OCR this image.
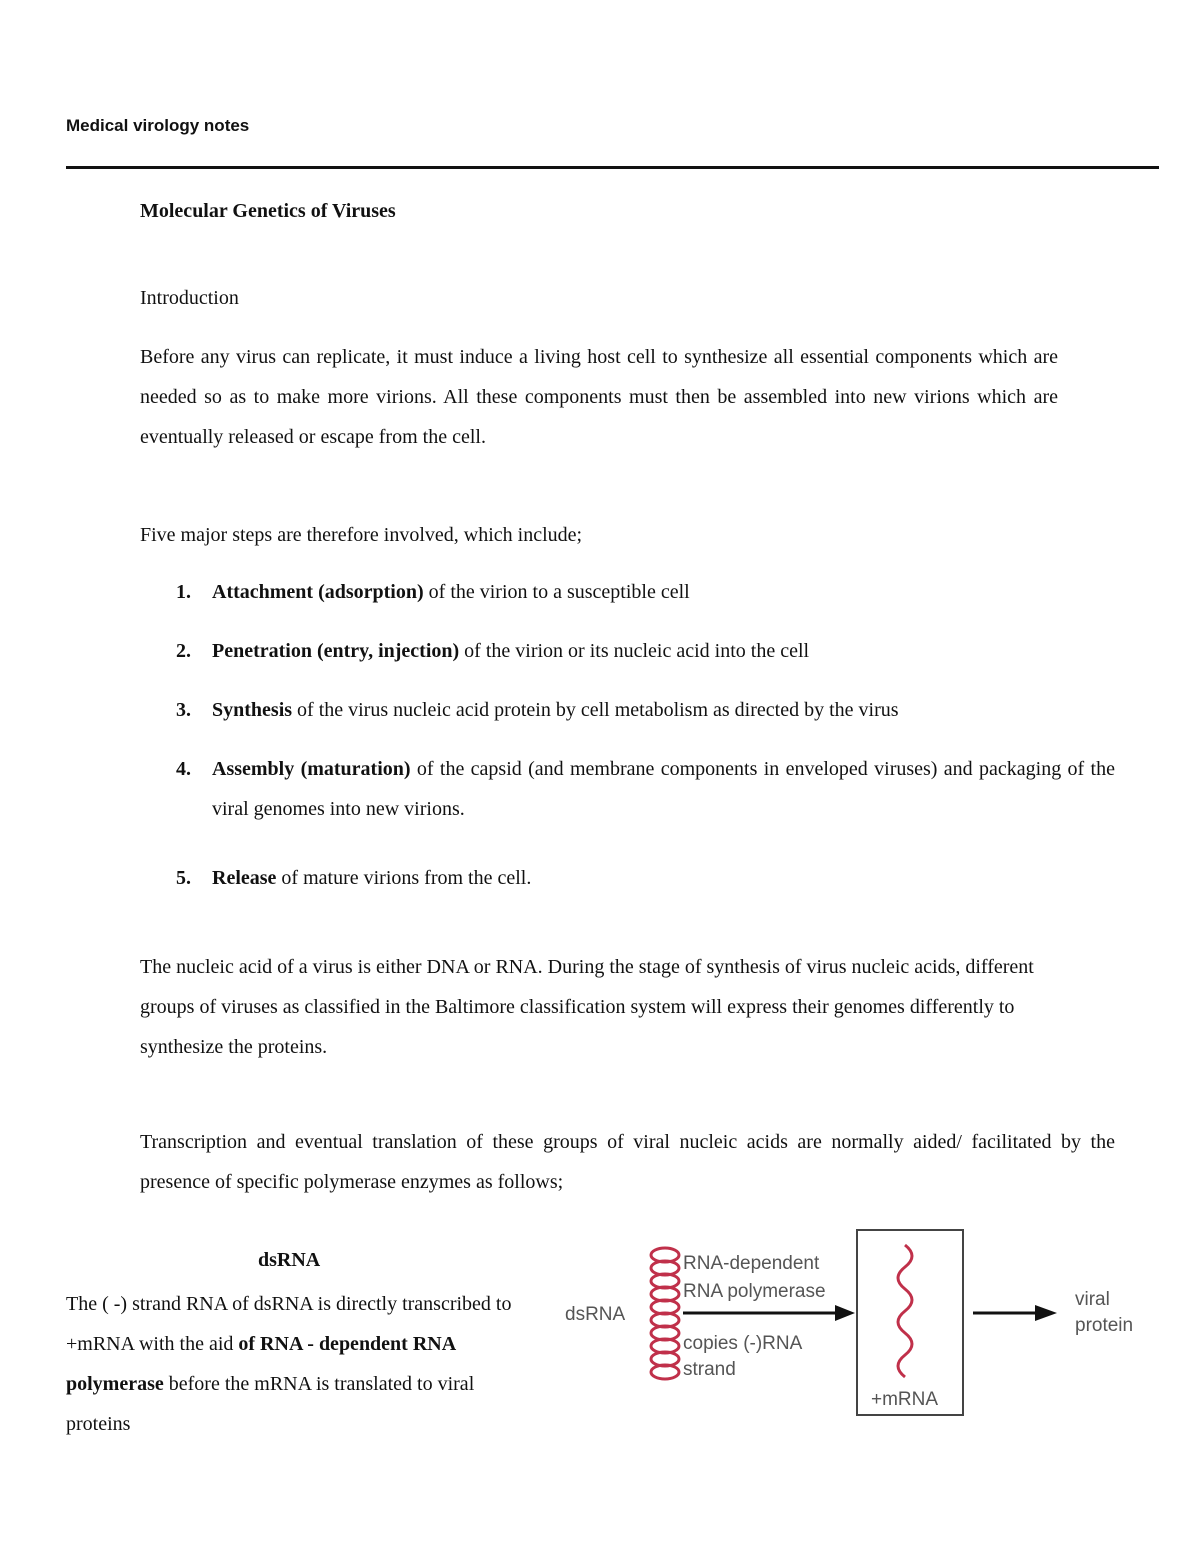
Medical virology notes
Molecular Genetics of Viruses
Introduction
Before any virus can replicate, it must induce a living host cell to synthesize all essential components which are needed so as to make more virions. All these components must then be assembled into new virions which are eventually released or escape from the cell.
Five major steps are therefore involved, which include;
1. Attachment (adsorption) of the virion to a susceptible cell
2. Penetration (entry, injection) of the virion or its nucleic acid into the cell
3. Synthesis of the virus nucleic acid protein by cell metabolism as directed by the virus
4. Assembly (maturation) of the capsid (and membrane components in enveloped viruses) and packaging of the viral genomes into new virions.
5. Release of mature virions from the cell.
The nucleic acid of a virus is either DNA or RNA. During the stage of synthesis of virus nucleic acids, different groups of viruses as classified in the Baltimore classification system will express their genomes differently to synthesize the proteins.
Transcription and eventual translation of these groups of viral nucleic acids are normally aided/ facilitated by the presence of specific polymerase enzymes as follows;
dsRNA
The ( -) strand RNA of dsRNA is directly transcribed to +mRNA with the aid of RNA - dependent RNA polymerase before the mRNA is translated to viral proteins
dsRNA
RNA-dependent
RNA polymerase
copies (-)RNA
strand
+mRNA
viral
protein
